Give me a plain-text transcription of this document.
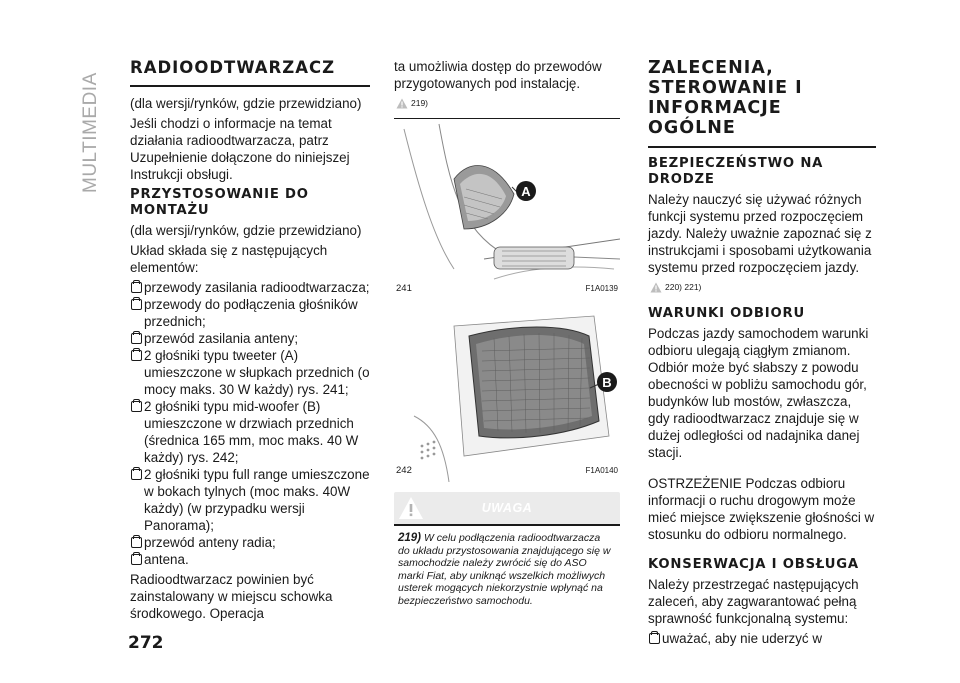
MULTIMEDIA
272
RADIOODTWARZACZ
(dla wersji/rynków, gdzie przewidziano)
Jeśli chodzi o informacje na temat działania radioodtwarzacza, patrz Uzupełnienie dołączone do niniejszej Instrukcji obsługi.
PRZYSTOSOWANIE DO MONTAŻU
(dla wersji/rynków, gdzie przewidziano)
Układ składa się z następujących elementów:
przewody zasilania radioodtwarzacza;
przewody do podłączenia głośników przednich;
przewód zasilania anteny;
2 głośniki typu tweeter (A) umieszczone w słupkach przednich (o mocy maks. 30 W każdy) rys. 241;
2 głośniki typu mid-woofer (B) umieszczone w drzwiach przednich (średnica 165 mm, moc maks. 40 W każdy) rys. 242;
2 głośniki typu full range umieszczone w bokach tylnych (moc maks. 40W każdy) (w przypadku wersji Panorama);
przewód anteny radia;
antena.
Radioodtwarzacz powinien być zainstalowany w miejscu schowka środkowego. Operacja
ta umożliwia dostęp do przewodów przygotowanych pod instalację.
219)
A
241	F1A0139
B
242	F1A0140
UWAGA
219) W celu podłączenia radioodtwarzacza do układu przystosowania znajdującego się w samochodzie należy zwrócić się do ASO marki Fiat, aby uniknąć wszelkich możliwych usterek mogących niekorzystnie wpłynąć na bezpieczeństwo samochodu.
ZALECENIA, STEROWANIE I INFORMACJE OGÓLNE
BEZPIECZEŃSTWO NA DRODZE
Należy nauczyć się używać różnych funkcji systemu przed rozpoczęciem jazdy. Należy uważnie zapoznać się z instrukcjami i sposobami użytkowania systemu przed rozpoczęciem jazdy.
220) 221)
WARUNKI ODBIORU
Podczas jazdy samochodem warunki odbioru ulegają ciągłym zmianom. Odbiór może być słabszy z powodu obecności w pobliżu samochodu gór, budynków lub mostów, zwłaszcza, gdy radioodtwarzacz znajduje się w dużej odległości od nadajnika danej stacji.
OSTRZEŻENIE Podczas odbioru informacji o ruchu drogowym może mieć miejsce zwiększenie głośności w stosunku do odbioru normalnego.
KONSERWACJA I OBSŁUGA
Należy przestrzegać następujących zaleceń, aby zagwarantować pełną sprawność funkcjonalną systemu:
uważać, aby nie uderzyć w
